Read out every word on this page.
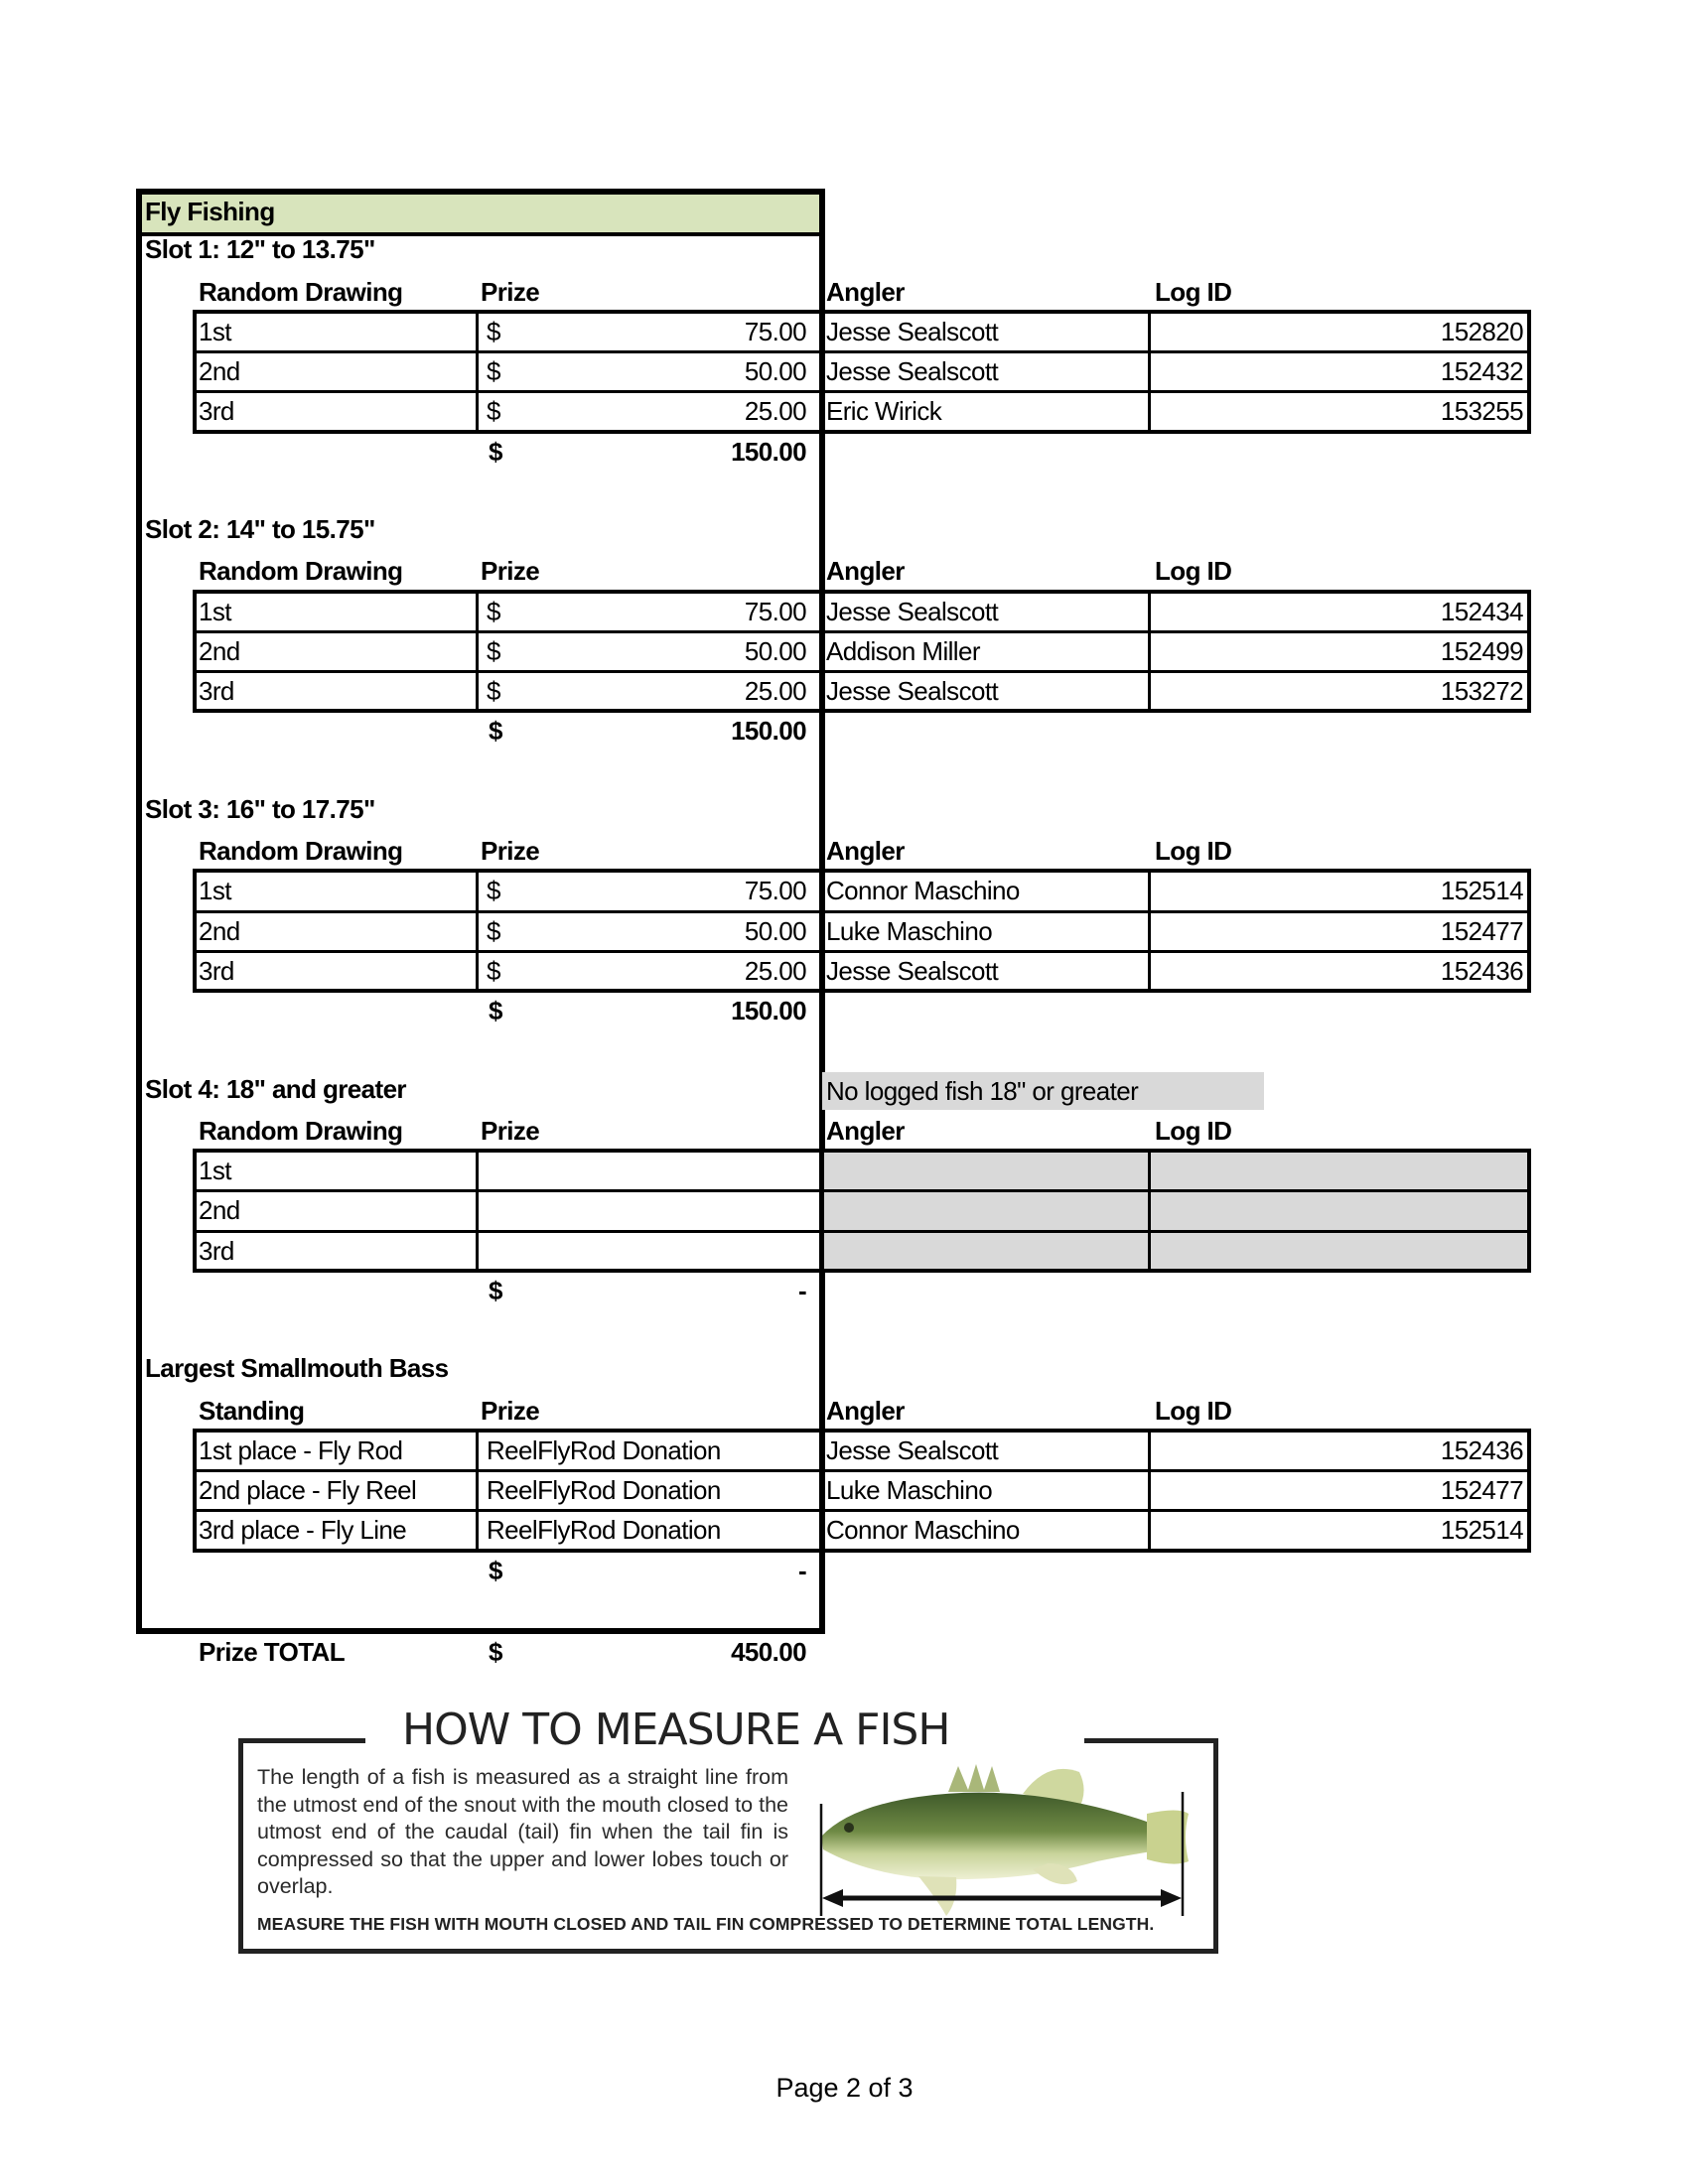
Fly Fishing
Slot 1: 12" to 13.75"
Random Drawing	Prize	Angler	Log ID
1st	$	75.00 Jesse Sealscott	152820
2nd	$	50.00 Jesse Sealscott	152432
3rd	$	25.00 Eric Wirick	153255
$	150.00
Slot 2: 14" to 15.75"
Random Drawing	Prize	Angler	Log ID
1st	$	75.00 Jesse Sealscott	152434
2nd	$	50.00 Addison Miller	152499
3rd	$	25.00 Jesse Sealscott	153272
$	150.00
Slot 3: 16" to 17.75"
Random Drawing	Prize	Angler	Log ID
1st	$	75.00 Connor Maschino	152514
2nd	$	50.00 Luke Maschino	152477
3rd	$	25.00 Jesse Sealscott	152436
$	150.00
Slot 4: 18" and greater	No logged fish 18" or greater
Random Drawing	Prize	Angler	Log ID
1st
2nd
3rd
$	-
Largest Smallmouth Bass
Standing	Prize	Angler	Log ID
1st place - Fly Rod	ReelFlyRod Donation	Jesse Sealscott	152436
2nd place - Fly Reel	ReelFlyRod Donation	Luke Maschino	152477
3rd place - Fly Line	ReelFlyRod Donation	Connor Maschino	152514
$	-
Prize TOTAL	$	450.00
HOW TO MEASURE A FISH
The length of a fish is measured as a straight line from the utmost end of the snout with the mouth closed to the utmost end of the caudal (tail) fin when the tail fin is compressed so that the upper and lower lobes touch or overlap.
MEASURE THE FISH WITH MOUTH CLOSED AND TAIL FIN COMPRESSED TO DETERMINE TOTAL LENGTH.
Page 2 of 3
